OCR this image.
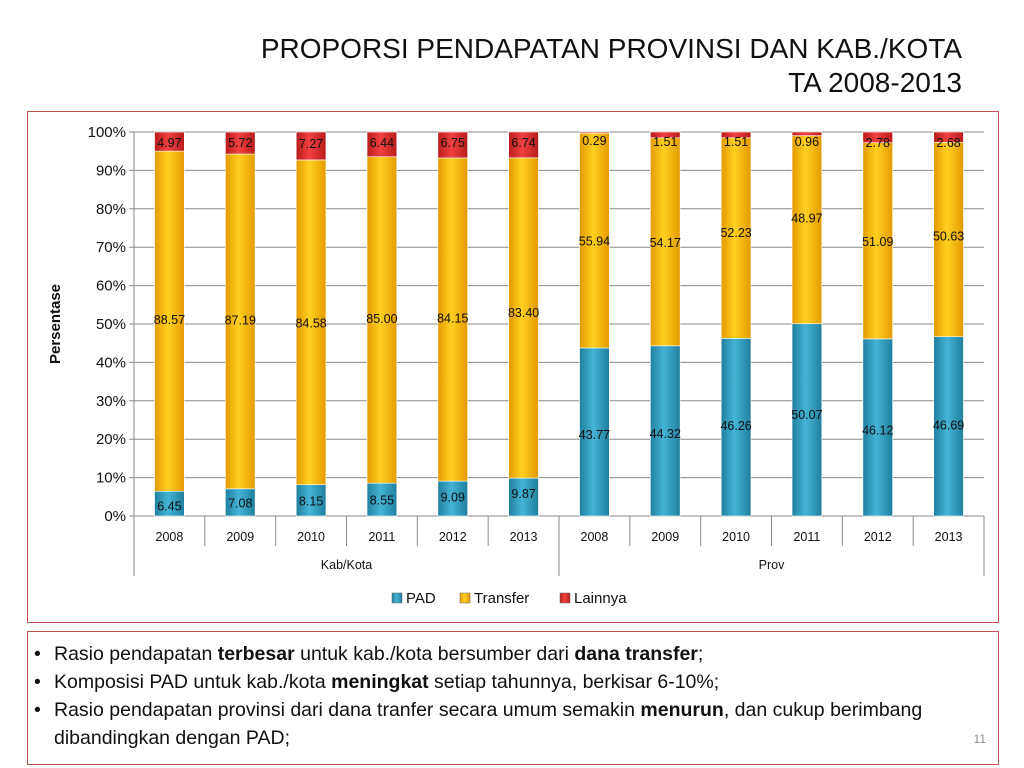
PROPORSI PENDAPATAN PROVINSI DAN KAB./KOTA
TA 2008-2013
0%
10%
20%
30%
40%
50%
60%
70%
80%
90%
100%
Persentase
6.45
88.57
4.97
2008
7.08
87.19
5.72
2009
8.15
84.58
7.27
2010
8.55
85.00
6.44
2011
9.09
84.15
6.75
2012
9.87
83.40
6.74
2013
43.77
55.94
0.29
2008
44.32
54.17
1.51
2009
46.26
52.23
1.51
2010
50.07
48.97
0.96
2011
46.12
51.09
2.78
2012
46.69
50.63
2.68
2013
Kab/Kota	Prov
PAD	Transfer	Lainnya
• Rasio pendapatan terbesar untuk kab./kota bersumber dari dana transfer;
• Komposisi PAD untuk kab./kota meningkat setiap tahunnya, berkisar 6-10%;
• Rasio pendapatan provinsi dari dana tranfer secara umum semakin menurun, dan cukup berimbang dibandingkan dengan PAD;	11
